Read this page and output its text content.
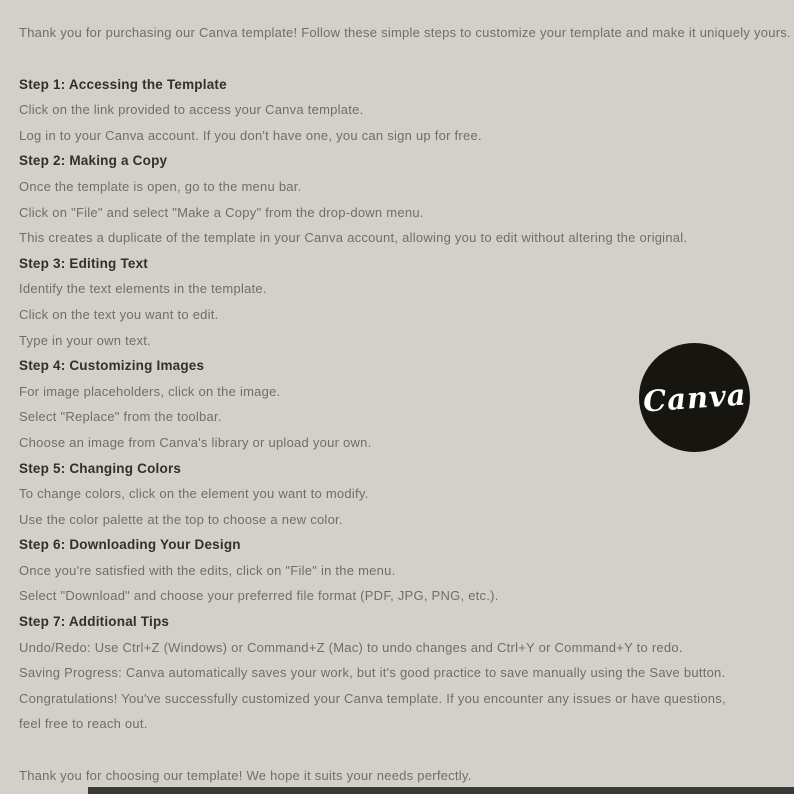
Thank you for purchasing our Canva template! Follow these simple steps to customize your template and make it uniquely yours.
Step 1: Accessing the Template
Click on the link provided to access your Canva template.
Log in to your Canva account. If you don't have one, you can sign up for free.
Step 2: Making a Copy
Once the template is open, go to the menu bar.
Click on "File" and select "Make a Copy" from the drop-down menu.
This creates a duplicate of the template in your Canva account, allowing you to edit without altering the original.
Step 3: Editing Text
Identify the text elements in the template.
Click on the text you want to edit.
Type in your own text.
Step 4: Customizing Images
For image placeholders, click on the image.
Select "Replace" from the toolbar.
Choose an image from Canva's library or upload your own.
Step 5: Changing Colors
To change colors, click on the element you want to modify.
Use the color palette at the top to choose a new color.
Step 6: Downloading Your Design
Once you're satisfied with the edits, click on "File" in the menu.
Select "Download" and choose your preferred file format (PDF, JPG, PNG, etc.).
Step 7: Additional Tips
Undo/Redo: Use Ctrl+Z (Windows) or Command+Z (Mac) to undo changes and Ctrl+Y or Command+Y to redo.
Saving Progress: Canva automatically saves your work, but it's good practice to save manually using the Save button.
Congratulations! You've successfully customized your Canva template. If you encounter any issues or have questions,
feel free to reach out.
Thank you for choosing our template! We hope it suits your needs perfectly.
Canva
